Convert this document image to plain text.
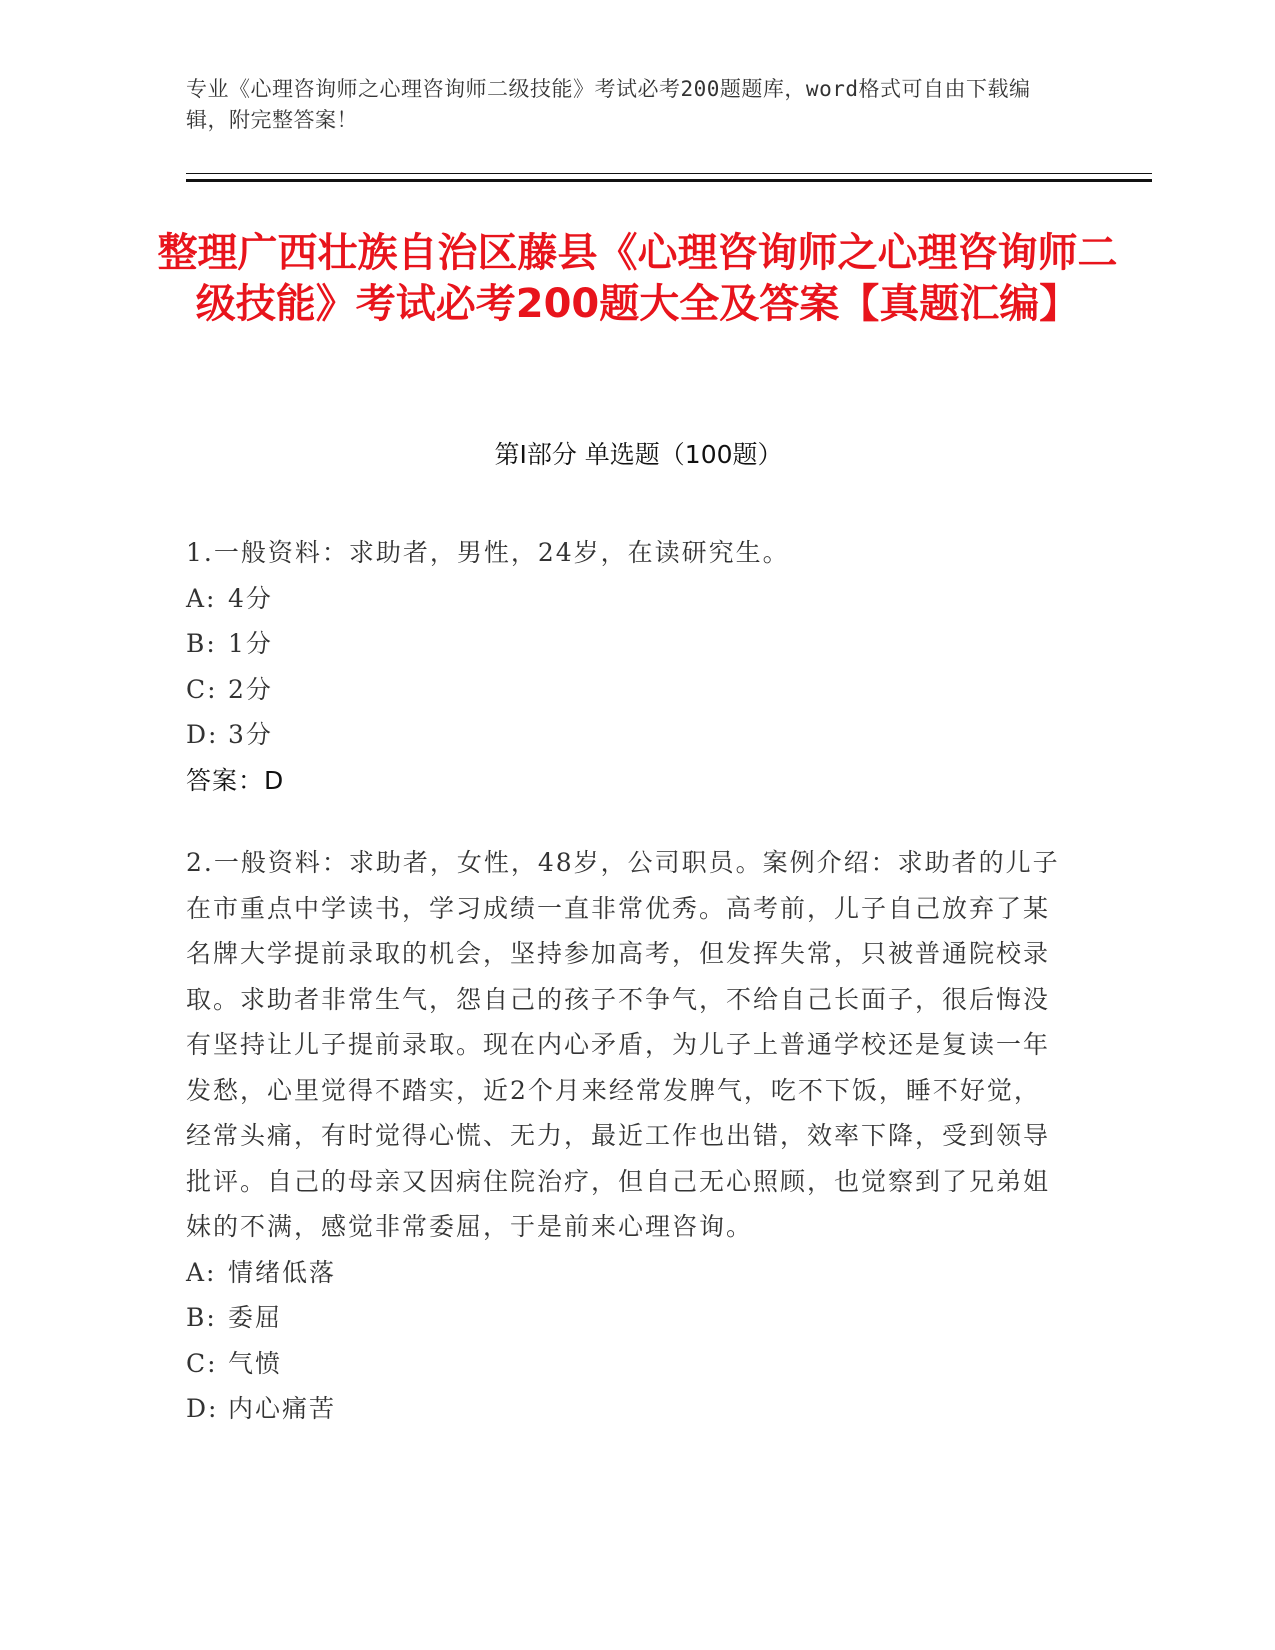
专业《心理咨询师之心理咨询师二级技能》考试必考200题题库，word格式可自由下载编辑，附完整答案！
整理广西壮族自治区藤县《心理咨询师之心理咨询师二级技能》考试必考200题大全及答案【真题汇编】
第Ⅰ部分 单选题（100题）

1.一般资料：求助者，男性，24岁，在读研究生。

A: 4分

B: 1分

C: 2分

D: 3分

答案：D

2.一般资料：求助者，女性，48岁，公司职员。案例介绍：求助者的儿子在市重点中学读书，学习成绩一直非常优秀。高考前，儿子自己放弃了某名牌大学提前录取的机会，坚持参加高考，但发挥失常，只被普通院校录取。求助者非常生气，怨自己的孩子不争气，不给自己长面子，很后悔没有坚持让儿子提前录取。现在内心矛盾，为儿子上普通学校还是复读一年发愁，心里觉得不踏实，近2个月来经常发脾气，吃不下饭，睡不好觉，经常头痛，有时觉得心慌、无力，最近工作也出错，效率下降，受到领导批评。自己的母亲又因病住院治疗，但自己无心照顾，也觉察到了兄弟姐妹的不满，感觉非常委屈，于是前来心理咨询。

A: 情绪低落

B: 委屈

C: 气愤

D: 内心痛苦
